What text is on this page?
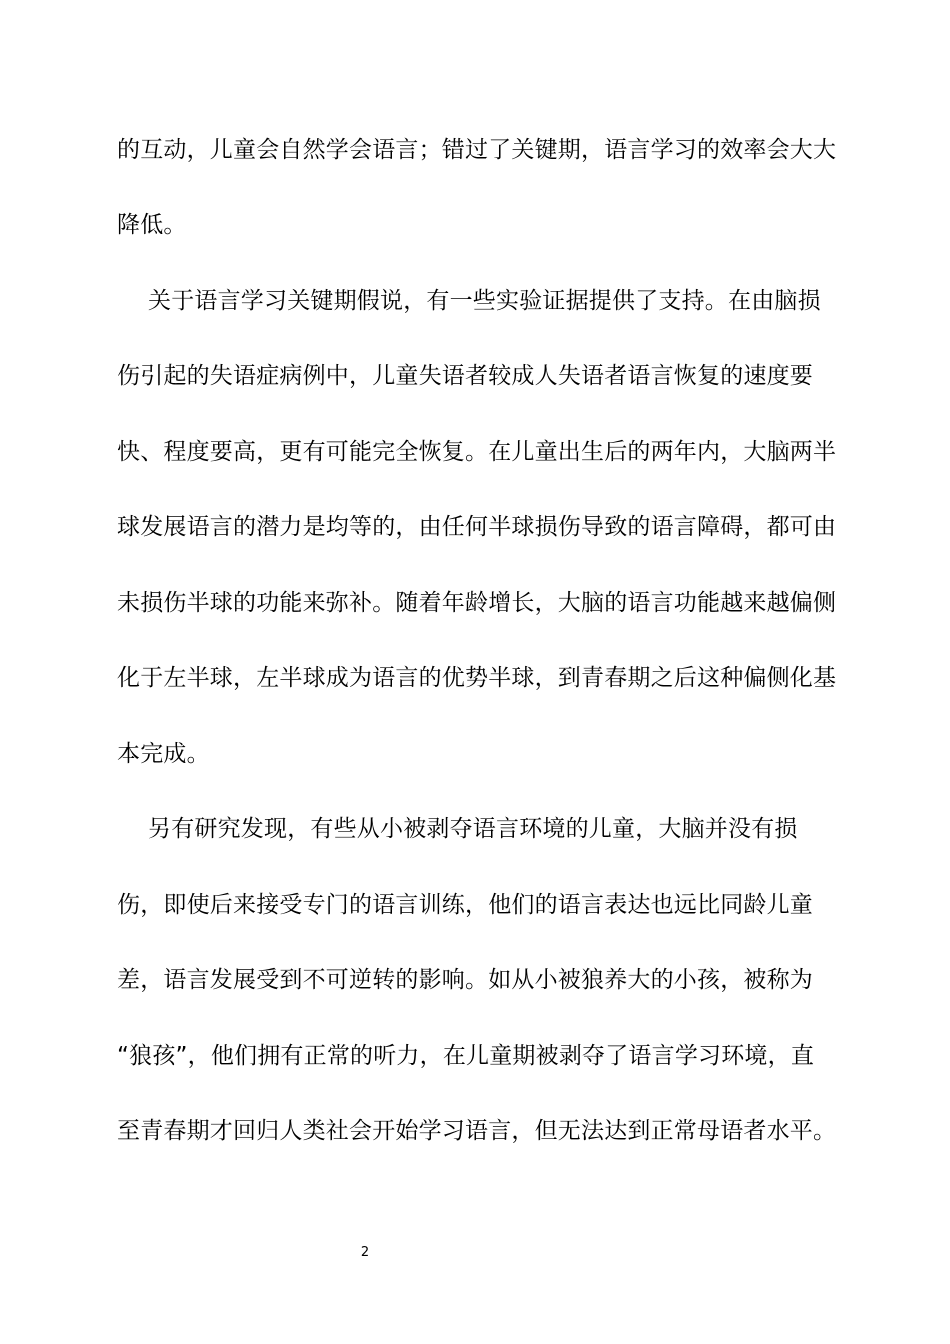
的互动，儿童会自然学会语言；错过了关键期，语言学习的效率会大大
降低。
关于语言学习关键期假说，有一些实验证据提供了支持。在由脑损
伤引起的失语症病例中，儿童失语者较成人失语者语言恢复的速度要
快、程度要高，更有可能完全恢复。在儿童出生后的两年内，大脑两半
球发展语言的潜力是均等的，由任何半球损伤导致的语言障碍，都可由
未损伤半球的功能来弥补。随着年龄增长，大脑的语言功能越来越偏侧
化于左半球，左半球成为语言的优势半球，到青春期之后这种偏侧化基
本完成。
另有研究发现，有些从小被剥夺语言环境的儿童，大脑并没有损
伤，即使后来接受专门的语言训练，他们的语言表达也远比同龄儿童
差，语言发展受到不可逆转的影响。如从小被狼养大的小孩，被称为
“狼孩”，他们拥有正常的听力，在儿童期被剥夺了语言学习环境，直
至青春期才回归人类社会开始学习语言，但无法达到正常母语者水平。
2
